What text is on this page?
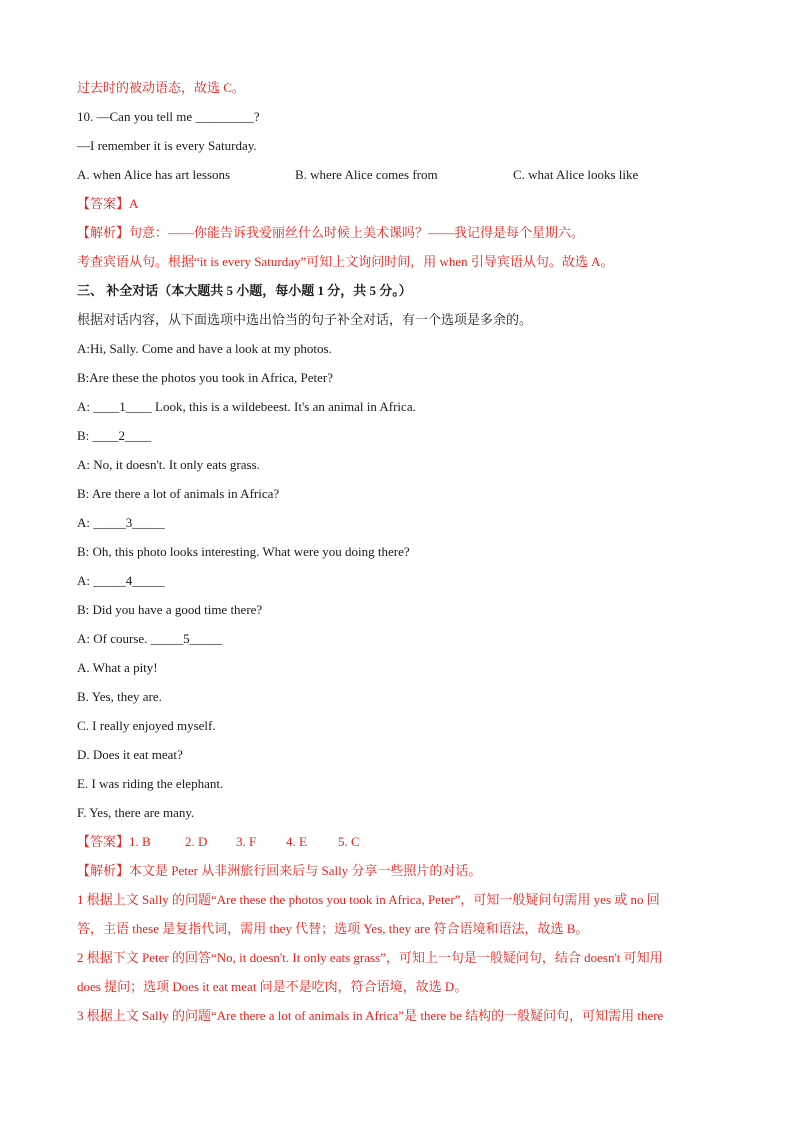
过去时的被动语态，故选 C。
10. —Can you tell me _________?
—I remember it is every Saturday.
A. when Alice has art lessons	B. where Alice comes from	C. what Alice looks like
【答案】A
【解析】句意：——你能告诉我爱丽丝什么时候上美术课吗？——我记得是每个星期六。
考查宾语从句。根据“it is every Saturday”可知上文询问时间，用 when 引导宾语从句。故选 A。
三、 补全对话（本大题共 5 小题，每小题 1 分，共 5 分。）
根据对话内容，从下面选项中选出恰当的句子补全对话，有一个选项是多余的。
A:Hi, Sally. Come and have a look at my photos.
B:Are these the photos you took in Africa, Peter?
A: ____1____ Look, this is a wildebeest. It's an animal in Africa.
B: ____2____
A: No, it doesn't. It only eats grass.
B: Are there a lot of animals in Africa?
A: _____3_____
B: Oh, this photo looks interesting. What were you doing there?
A: _____4_____
B: Did you have a good time there?
A: Of course. _____5_____
A. What a pity!
B. Yes, they are.
C. I really enjoyed myself.
D. Does it eat meat?
E. I was riding the elephant.
F. Yes, there are many.
【答案】 1. B	2. D 3. F 4. E 5. C
【解析】本文是 Peter 从非洲旅行回来后与 Sally 分享一些照片的对话。
1 根据上文 Sally 的问题“Are these the photos you took in Africa, Peter”，可知一般疑问句需用 yes 或 no 回
答，主语 these 是复指代词，需用 they 代替；选项 Yes, they are 符合语境和语法，故选 B。
2 根据下文 Peter 的回答“No, it doesn't. It only eats grass”，可知上一句是一般疑问句，结合 doesn't 可知用
does 提问；选项 Does it eat meat 问是不是吃肉，符合语境，故选 D。
3 根据上文 Sally 的问题“Are there a lot of animals in Africa”是 there be 结构的一般疑问句，可知需用 there
